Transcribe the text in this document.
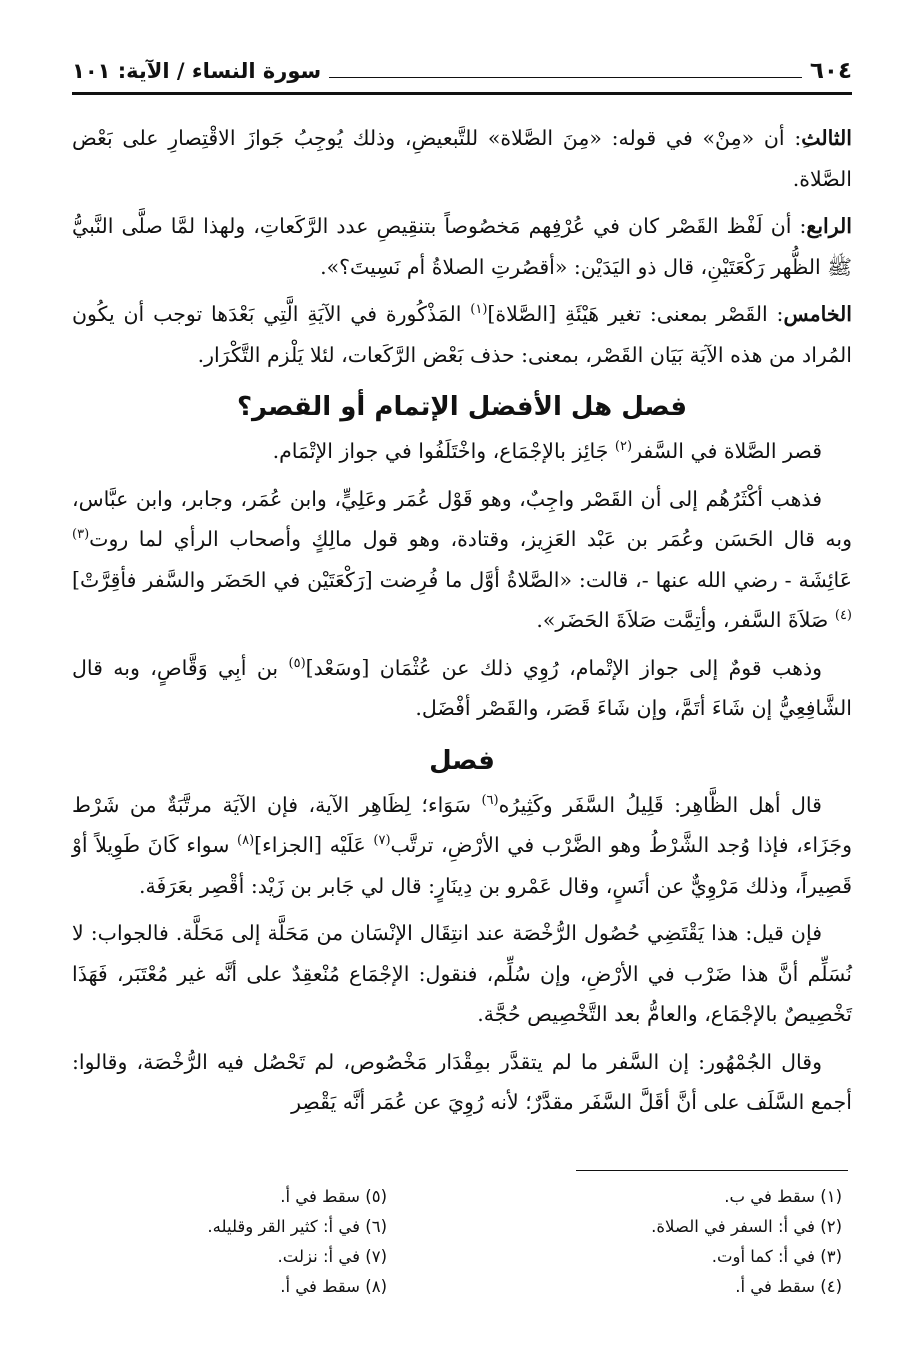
٦٠٤
سورة النساء / الآية: ١٠١

الثالثِ: أن «مِنْ» في قوله: «مِنَ الصَّلاة» للتَّبعيضِ، وذلك يُوجِبُ جَوازَ الاقْتِصارِ على بَعْض الصَّلاة.

الرابع: أن لَفْظ القَصْر كان في عُرْفِهم مَخصُوصاً بتنقِيصِ عدد الرَّكَعاتِ، ولهذا لمَّا صلَّى النَّبيُّ ﷺ الظُّهر رَكْعَتَيْنِ، قال ذو اليَدَيْن: «أقصُرتِ الصلاةُ أم نَسِيتَ؟».

الخامس: القَصْر بمعنى: تغير هَيْئَةِ [الصَّلاة]$^{(١)}$ المَذْكُورة في الآيَةِ الَّتِي بَعْدَها توجب أن يكُون المُراد من هذه الآيَة بَيَان القَصْر، بمعنى: حذف بَعْض الرَّكَعات، لئلا يَلْزم التَّكْرَار.

فصل هل الأفضل الإتمام أو القصر؟

قصر الصَّلاة في السَّفر$^{(٢)}$ جَائِز بالإجْمَاع، واخْتَلَفُوا في جواز الإتْمَام.

فذهب أكْثَرُهُم إلى أن القَصْر واجِبٌ، وهو قَوْل عُمَر وعَلِيٍّ، وابن عُمَر، وجابر، وابن عبَّاس، وبه قال الحَسَن وعُمَر بن عَبْد العَزِيز، وقتادة، وهو قول مالِكٍ وأصحاب الرأي لما روت$^{(٣)}$ عَائِشَة - رضي الله عنها -، قالت: «الصَّلاةُ أوَّل ما فُرِضت [رَكْعَتَيْن في الحَضَر والسَّفر فأقِرَّتْ]$^{(٤)}$ صَلاَةَ السَّفر، وأتِمَّت صَلاَةَ الحَضَر».

وذهب قومٌ إلى جواز الإتْمام، رُوِي ذلك عن عُثْمَان [وسَعْد]$^{(٥)}$ بن أبِي وَقَّاصٍ، وبه قال الشَّافِعِيُّ إن شَاءَ أتَمَّ، وإن شَاءَ قَصَر، والقَصْر أفْضَل.

فصل

قال أهل الظَّاهِر: قَلِيلُ السَّفَر وكَثِيرُه$^{(٦)}$ سَوَاء؛ لِظَاهِر الآية، فإن الآيَة مرتَّبَةٌ من شَرْط وجَزَاء، فإذا وُجد الشَّرْطُ وهو الضَّرْب في الأرْضِ، ترتَّب$^{(٧)}$ عَلَيْه [الجزاء]$^{(٨)}$ سواء كَانَ طَوِيلاً أوْ قَصِيراً، وذلك مَرْوِيٌّ عن أنَسٍ، وقال عَمْرو بن دِينَارٍ: قال لي جَابر بن زَيْد: أقْصِر بعَرَفَة.

فإن قيل: هذا يَقْتَضِي حُصُول الرُّخْصَة عند انتِقَال الإنْسَان من مَحَلَّة إلى مَحَلَّة. فالجواب: لا نُسَلِّم أنَّ هذا ضَرْب في الأرْضِ، وإن سُلِّم، فنقول: الإجْمَاع مُنْعقِدٌ على أنَّه غير مُعْتَبَر، فَهَذَا تَخْصِيصٌ بالإجْمَاع، والعامُّ بعد التَّخْصِيص حُجَّة.

وقال الجُمْهُور: إن السَّفر ما لم يتقدَّر بمِقْدَار مَخْصُوص، لم تَحْصُل فيه الرُّخْصَة، وقالوا: أجمع السَّلَف على أنَّ أقَلَّ السَّفَر مقدَّرٌ؛ لأنه رُوِيَ عن عُمَر أنَّه يَقْصِر

(١) سقط في ب.
(٢) في أ: السفر في الصلاة.
(٣) في أ: كما أوت.
(٤) سقط في أ.
(٥) سقط في أ.
(٦) في أ: كثير القر وقليله.
(٧) في أ: نزلت.
(٨) سقط في أ.
